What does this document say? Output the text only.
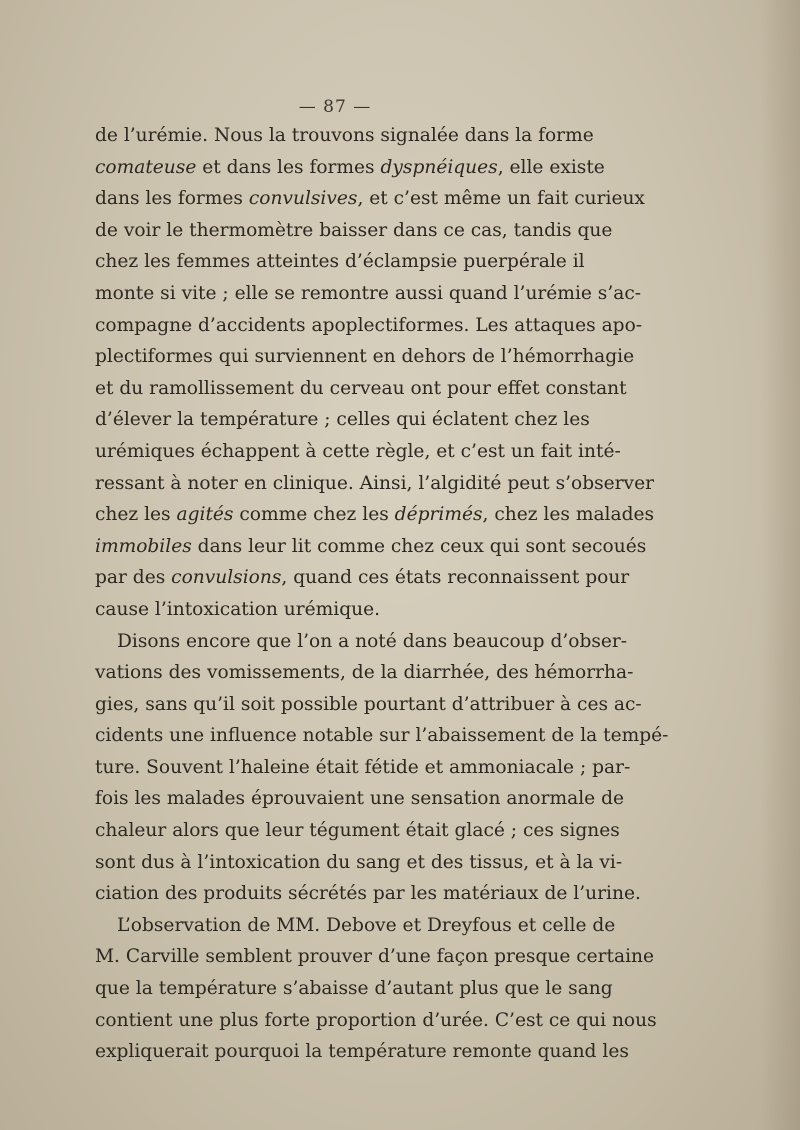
— 87 —
de l’urémie. Nous la trouvons signalée dans la forme
comateuse et dans les formes dyspnéiques, elle existe
dans les formes convulsives, et c’est même un fait curieux
de voir le thermomètre baisser dans ce cas, tandis que
chez les femmes atteintes d’éclampsie puerpérale il
monte si vite ; elle se remontre aussi quand l’urémie s’ac-
compagne d’accidents apoplectiformes. Les attaques apo-
plectiformes qui surviennent en dehors de l’hémorrhagie
et du ramollissement du cerveau ont pour effet constant
d’élever la température ; celles qui éclatent chez les
urémiques échappent à cette règle, et c’est un fait inté-
ressant à noter en clinique. Ainsi, l’algidité peut s’observer
chez les agités comme chez les déprimés, chez les malades
immobiles dans leur lit comme chez ceux qui sont secoués
par des convulsions, quand ces états reconnaissent pour
cause l’intoxication urémique.
Disons encore que l’on a noté dans beaucoup d’obser-
vations des vomissements, de la diarrhée, des hémorrha-
gies, sans qu’il soit possible pourtant d’attribuer à ces ac-
cidents une influence notable sur l’abaissement de la tempé-
ture. Souvent l’haleine était fétide et ammoniacale ; par-
fois les malades éprouvaient une sensation anormale de
chaleur alors que leur tégument était glacé ; ces signes
sont dus à l’intoxication du sang et des tissus, et à la vi-
ciation des produits sécrétés par les matériaux de l’urine.
L’observation de MM. Debove et Dreyfous et celle de
M. Carville semblent prouver d’une façon presque certaine
que la température s’abaisse d’autant plus que le sang
contient une plus forte proportion d’urée. C’est ce qui nous
expliquerait pourquoi la température remonte quand les
